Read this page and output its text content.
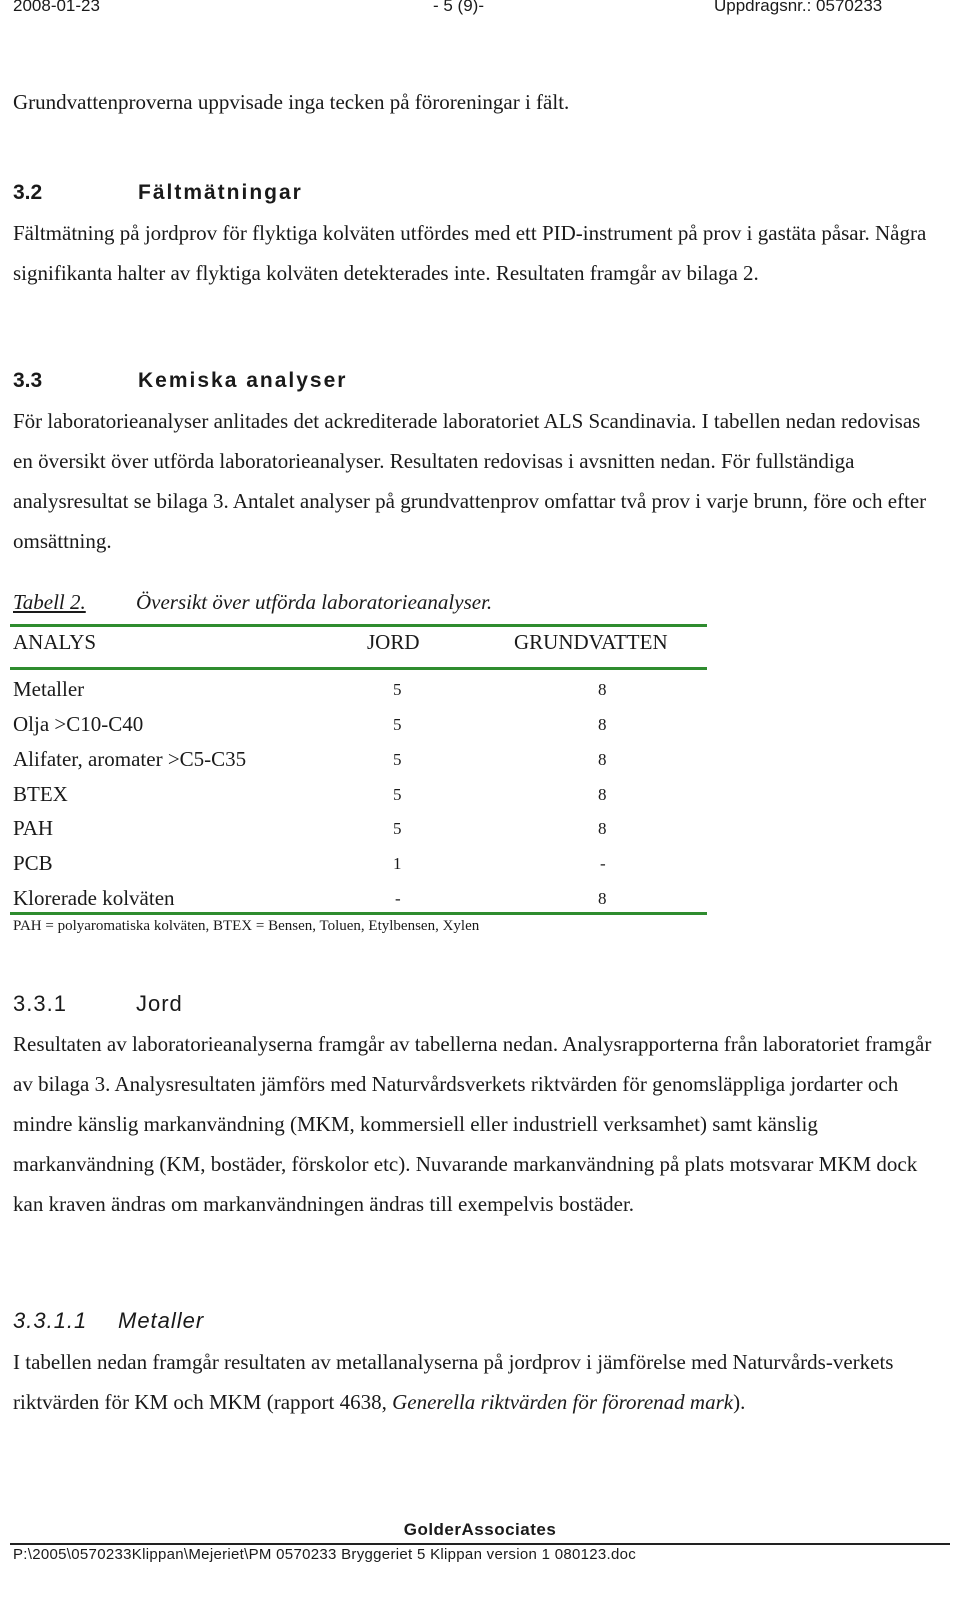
2008-01-23	- 5 (9)-	Uppdragsnr.: 0570233
Grundvattenproverna uppvisade inga tecken på föroreningar i fält.
3.2	Fältmätningar
Fältmätning på jordprov för flyktiga kolväten utfördes med ett PID-instrument på prov i gastäta påsar. Några signifikanta halter av flyktiga kolväten detekterades inte. Resultaten framgår av bilaga 2.
3.3	Kemiska analyser
För laboratorieanalyser anlitades det ackrediterade laboratoriet ALS Scandinavia. I tabellen nedan redovisas en översikt över utförda laboratorieanalyser. Resultaten redovisas i avsnitten nedan. För fullständiga analysresultat se bilaga 3. Antalet analyser på grundvattenprov omfattar två prov i varje brunn, före och efter omsättning.
Tabell 2. Översikt över utförda laboratorieanalyser.
ANALYS	JORD	GRUNDVATTEN
Metaller	5	8
Olja >C10-C40	5	8
Alifater, aromater >C5-C35	5	8
BTEX	5	8
PAH	5	8
PCB	1	-
Klorerade kolväten	-	8
PAH = polyaromatiska kolväten, BTEX = Bensen, Toluen, Etylbensen, Xylen
3.3.1	Jord
Resultaten av laboratorieanalyserna framgår av tabellerna nedan. Analysrapporterna från laboratoriet framgår av bilaga 3. Analysresultaten jämförs med Naturvårdsverkets riktvärden för genomsläppliga jordarter och mindre känslig markanvändning (MKM, kommersiell eller industriell verksamhet) samt känslig markanvändning (KM, bostäder, förskolor etc). Nuvarande markanvändning på plats motsvarar MKM dock kan kraven ändras om markanvändningen ändras till exempelvis bostäder.
3.3.1.1 Metaller
I tabellen nedan framgår resultaten av metallanalyserna på jordprov i jämförelse med Naturvårds-verkets riktvärden för KM och MKM (rapport 4638, Generella riktvärden för förorenad mark).
GolderAssociates
P:\2005\0570233Klippan\Mejeriet\PM 0570233 Bryggeriet 5 Klippan version 1 080123.doc
